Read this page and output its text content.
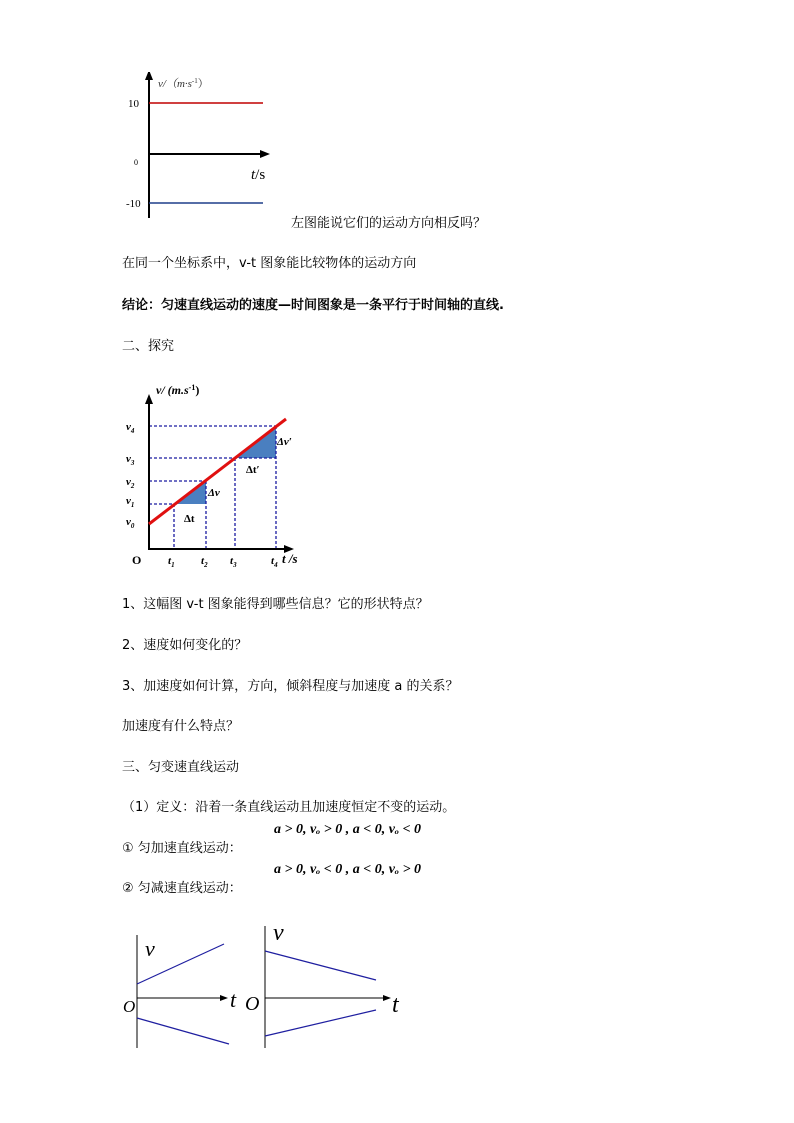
$v/(m\cdot s^{-1})$
10
0
-10
t/s
左图能说它们的运动方向相反吗？
在同一个坐标系中，v-t 图象能比较物体的运动方向
结论：匀速直线运动的速度—时间图象是一条平行于时间轴的直线.
二、探究
v/ $(m.s^{-1})$
$v_4$
$v_3$
$v_2$
$v_1$
$v_0$
$t_1$ $t_2$ $t_3$	$t_4$
O	t /s
Δv
Δt
Δv′
Δt′
1、这幅图 v-t 图象能得到哪些信息？它的形状特点？
2、速度如何变化的？
3、加速度如何计算，方向，倾斜程度与加速度 a 的关系？
加速度有什么特点？
三、匀变速直线运动
（1）定义：沿着一条直线运动且加速度恒定不变的运动。
a > 0, vₒ > 0 , a < 0, vₒ < 0
① 匀加速直线运动：
a > 0, vₒ < 0 , a < 0, vₒ > 0
② 匀减速直线运动：
v
t
O
v
t
O
